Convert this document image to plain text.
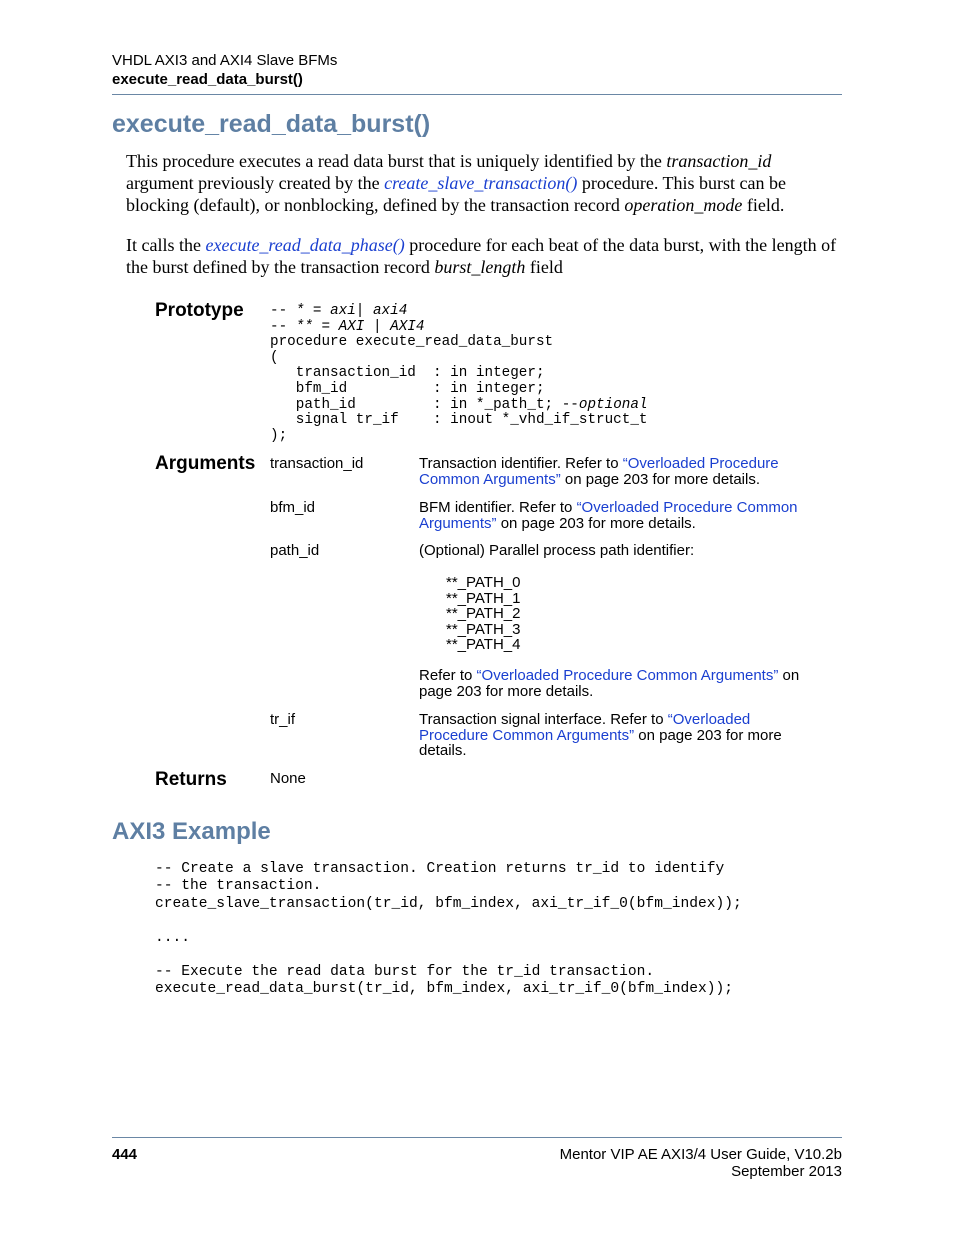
VHDL AXI3 and AXI4 Slave BFMs
execute_read_data_burst()
execute_read_data_burst()
This procedure executes a read data burst that is uniquely identified by the transaction_id
argument previously created by the create_slave_transaction() procedure. This burst can be blocking (default), or nonblocking, defined by the transaction record operation_mode field.
It calls the execute_read_data_phase() procedure for each beat of the data burst, with the length of the burst defined by the transaction record burst_length field
Prototype -- * = axi| axi4
-- ** = AXI | AXI4
procedure execute_read_data_burst
(
transaction_id  : in integer;
bfm_id          : in integer;
path_id         : in *_path_t; --optional
signal tr_if    : inout *_vhd_if_struct_t
);
Arguments transaction_id	Transaction identifier. Refer to “Overloaded Procedure Common Arguments” on page 203 for more details.
bfm_id	BFM identifier. Refer to “Overloaded Procedure Common Arguments” on page 203 for more details.
path_id	(Optional) Parallel process path identifier:
**_PATH_0
**_PATH_1
**_PATH_2
**_PATH_3
**_PATH_4
Refer to “Overloaded Procedure Common Arguments” on page 203 for more details.
tr_if	Transaction signal interface. Refer to “Overloaded Procedure Common Arguments” on page 203 for more details.
Returns	None
AXI3 Example
-- Create a slave transaction. Creation returns tr_id to identify
-- the transaction.
create_slave_transaction(tr_id, bfm_index, axi_tr_if_0(bfm_index));
....
-- Execute the read data burst for the tr_id transaction.
execute_read_data_burst(tr_id, bfm_index, axi_tr_if_0(bfm_index));
444	Mentor VIP AE AXI3/4 User Guide, V10.2b
September 2013
